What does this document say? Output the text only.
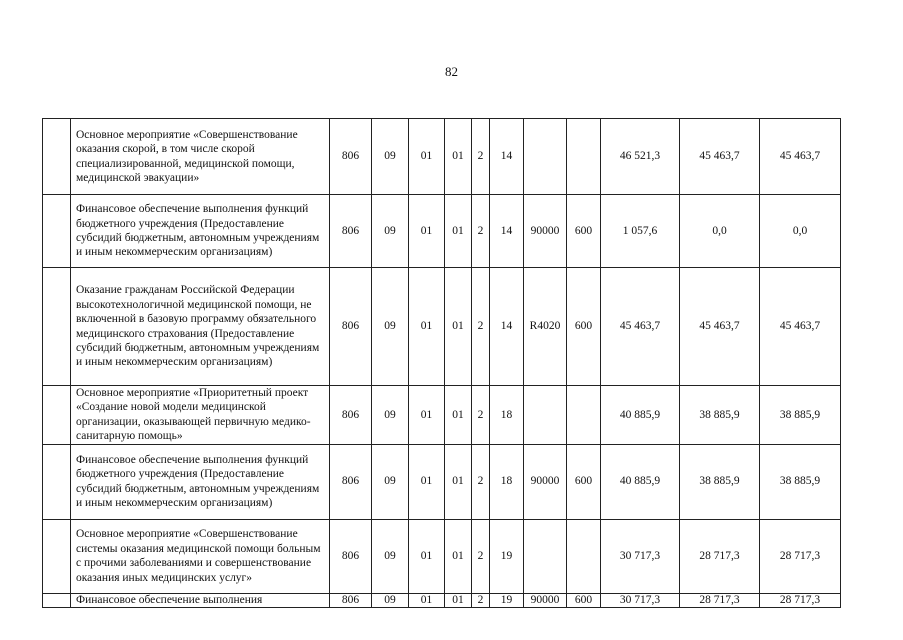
82
	Основное мероприятие «Совершенствование оказания скорой, в том числе скорой специализированной, медицинской помощи, медицинской эвакуации»	806	09	01	01	2	14			46 521,3	45 463,7	45 463,7
	Финансовое обеспечение выполнения функций бюджетного учреждения (Предоставление субсидий бюджетным, автономным учреждениям и иным некоммерческим организациям)	806	09	01	01	2	14	90000	600	1 057,6	0,0	0,0
	Оказание гражданам Российской Федерации высокотехнологичной медицинской помощи, не включенной в базовую программу обязательного медицинского страхования (Предоставление субсидий бюджетным, автономным учреждениям и иным некоммерческим организациям)	806	09	01	01	2	14	R4020	600	45 463,7	45 463,7	45 463,7
	Основное мероприятие «Приоритетный проект «Создание новой модели медицинской организации, оказывающей первичную медико-санитарную помощь»	806	09	01	01	2	18			40 885,9	38 885,9	38 885,9
	Финансовое обеспечение выполнения функций бюджетного учреждения (Предоставление субсидий бюджетным, автономным учреждениям и иным некоммерческим организациям)	806	09	01	01	2	18	90000	600	40 885,9	38 885,9	38 885,9
	Основное мероприятие «Совершенствование системы оказания медицинской помощи больным с прочими заболеваниями и совершенствование оказания иных медицинских услуг»	806	09	01	01	2	19			30 717,3	28 717,3	28 717,3
	Финансовое обеспечение выполнения	806	09	01	01	2	19	90000	600	30 717,3	28 717,3	28 717,3
